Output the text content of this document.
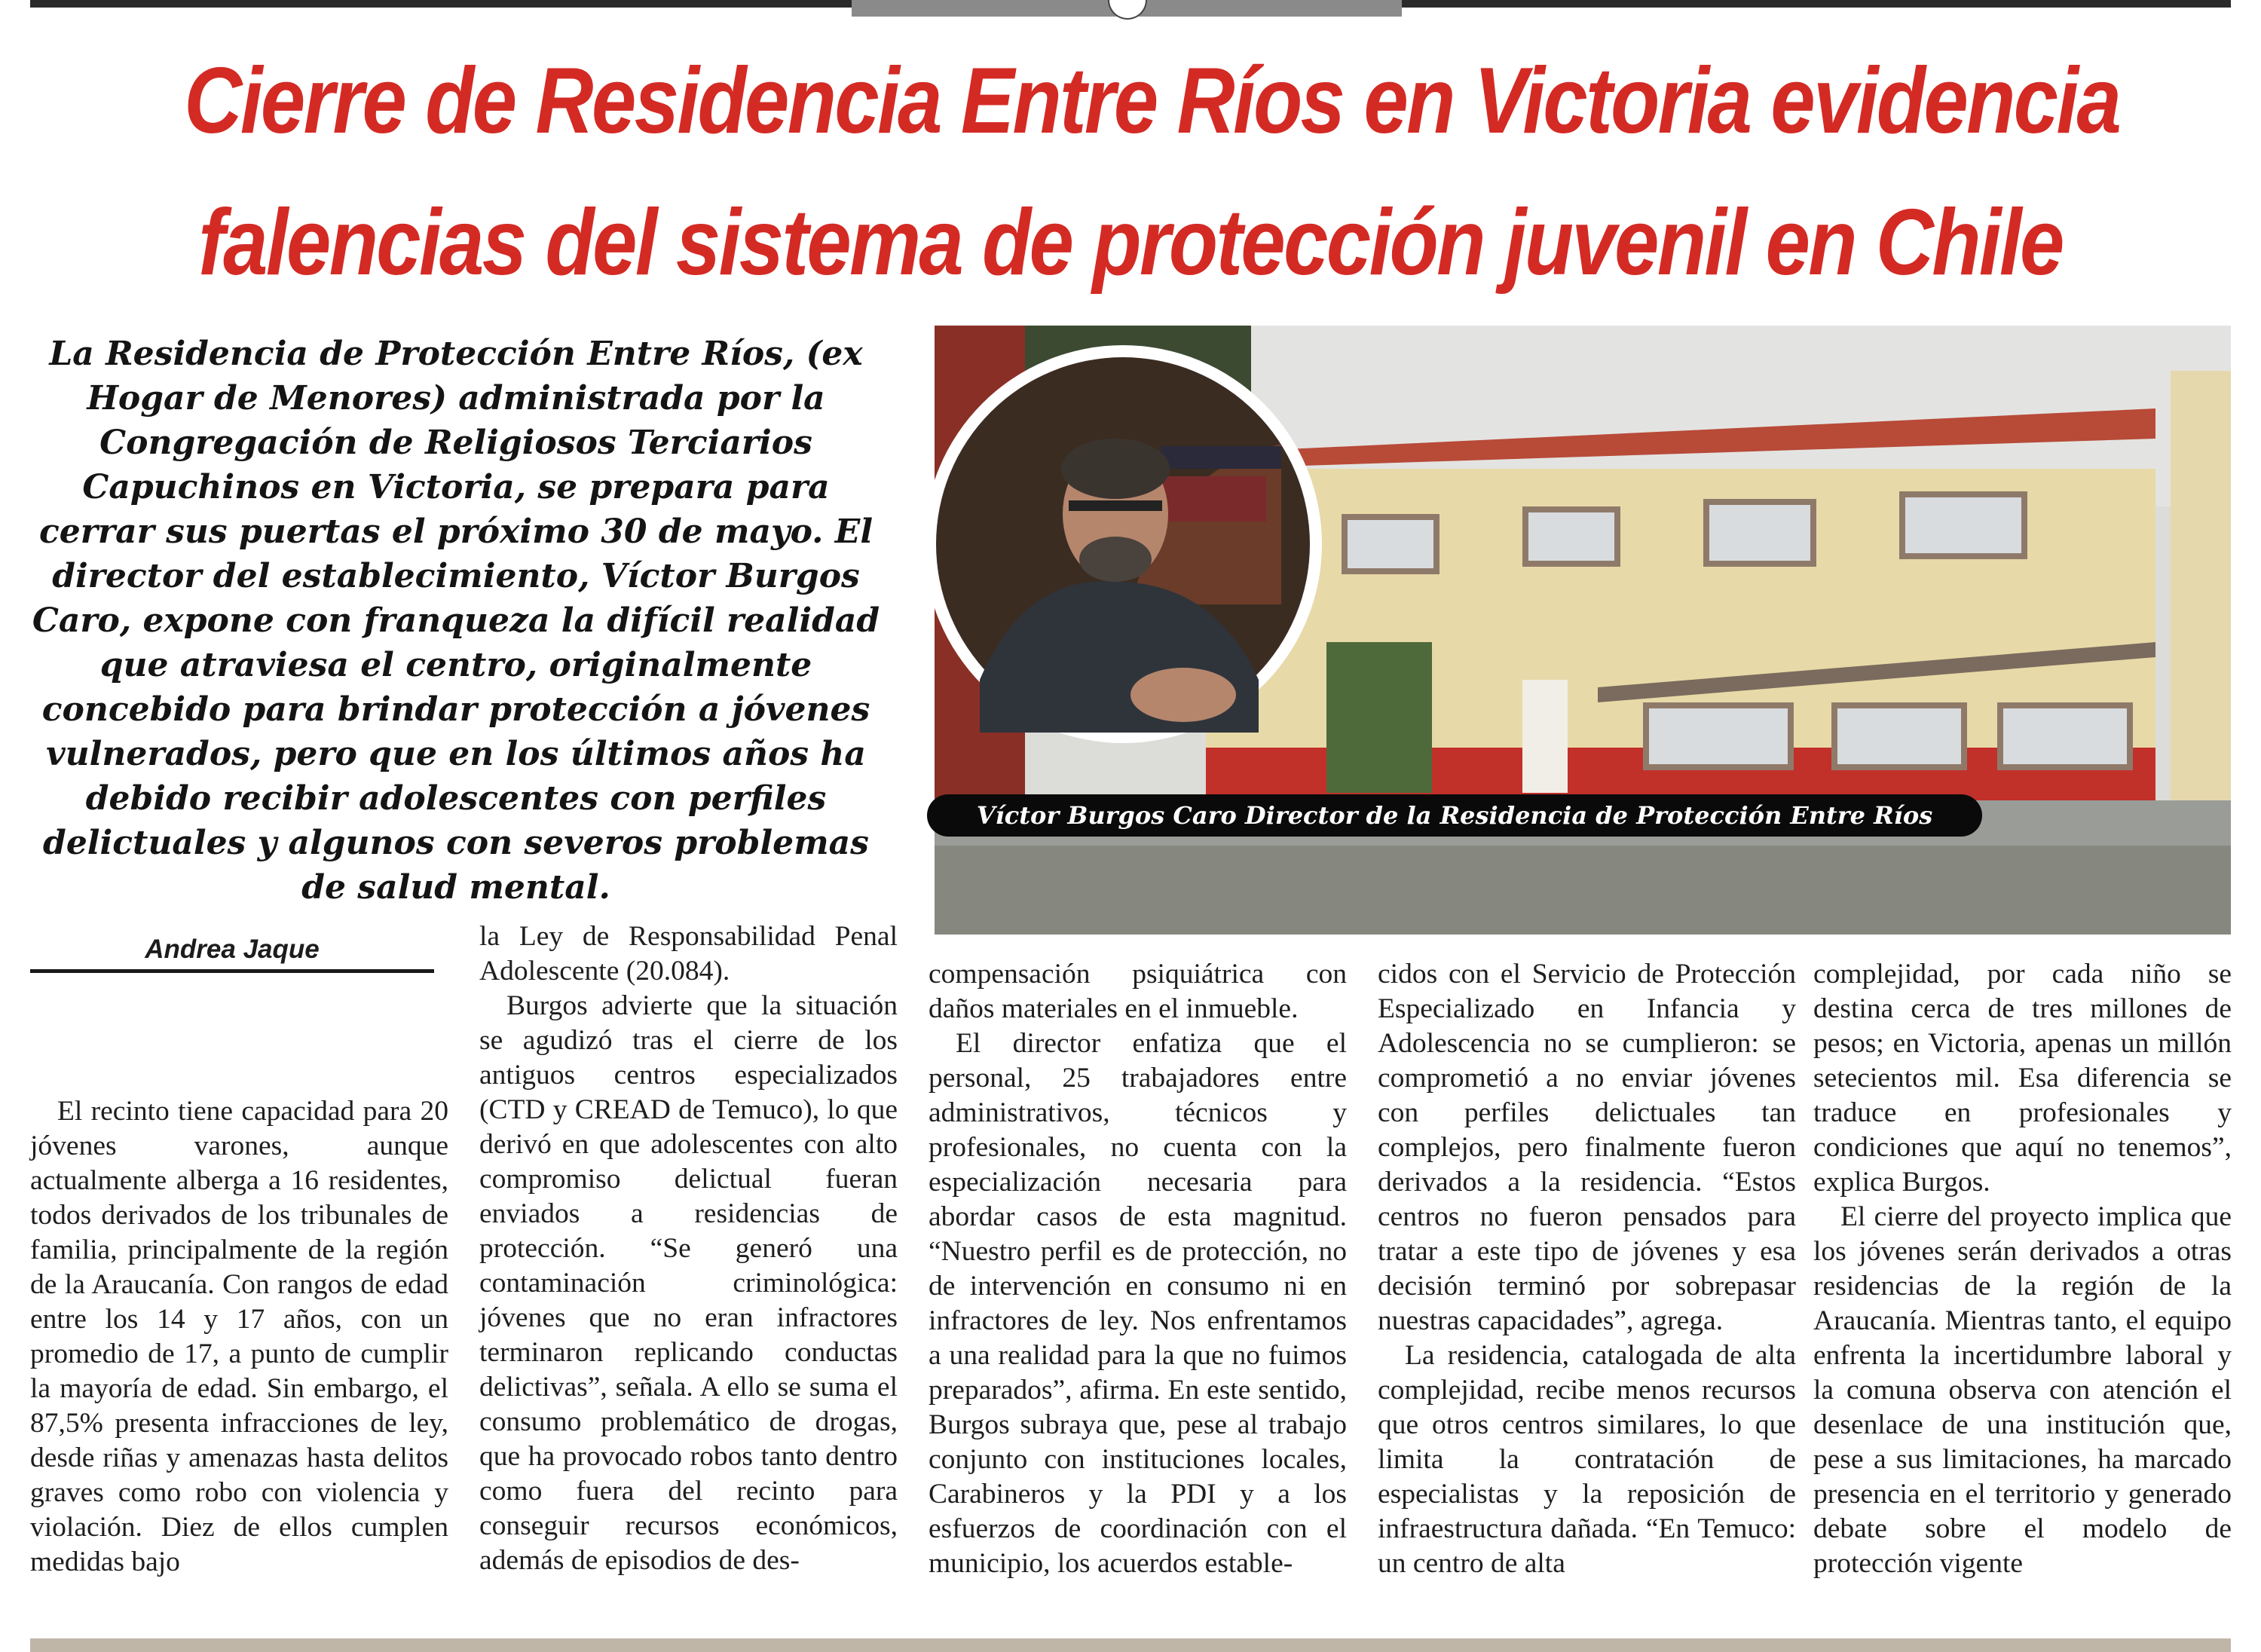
Cierre de Residencia Entre Ríos en Victoria evidencia
falencias del sistema de protección juvenil en Chile

La Residencia de Protección Entre Ríos, (ex Hogar de Menores) administrada por la Congregación de Religiosos Terciarios Capuchinos en Victoria, se prepara para cerrar sus puertas el próximo 30 de mayo. El director del establecimiento, Víctor Burgos Caro, expone con franqueza la difícil realidad que atraviesa el centro, originalmente concebido para brindar protección a jóvenes vulnerados, pero que en los últimos años ha debido recibir adolescentes con perfiles delictuales y algunos con severos problemas de salud mental.

Víctor Burgos Caro Director de la Residencia de Protección Entre Ríos
Andrea Jaque

El recinto tiene capacidad para 20 jóvenes varones, aunque actualmente alberga a 16 residentes, todos derivados de los tribunales de familia, principalmente de la región de la Araucanía. Con rangos de edad entre los 14 y 17 años, con un promedio de 17, a punto de cumplir la mayoría de edad. Sin embargo, el 87,5% presenta infracciones de ley, desde riñas y amenazas hasta delitos graves como robo con violencia y violación. Diez de ellos cumplen medidas bajo

la Ley de Responsabilidad Penal Adolescente (20.084).

Burgos advierte que la situación se agudizó tras el cierre de los antiguos centros especializados (CTD y CREAD de Temuco), lo que derivó en que adolescentes con alto compromiso delictual fueran enviados a residencias de protección. “Se generó una contaminación criminológica: jóvenes que no eran infractores terminaron replicando conductas delictivas”, señala. A ello se suma el consumo problemático de drogas, que ha provocado robos tanto dentro como fuera del recinto para conseguir recursos económicos, además de episodios de des-

compensación psiquiátrica con daños materiales en el inmueble.

El director enfatiza que el personal, 25 trabajadores entre administrativos, técnicos y profesionales, no cuenta con la especialización necesaria para abordar casos de esta magnitud. “Nuestro perfil es de protección, no de intervención en consumo ni en infractores de ley. Nos enfrentamos a una realidad para la que no fuimos preparados”, afirma. En este sentido, Burgos subraya que, pese al trabajo conjunto con instituciones locales, Carabineros y la PDI y a los esfuerzos de coordinación con el municipio, los acuerdos estable-

cidos con el Servicio de Protección Especializado en Infancia y Adolescencia no se cumplieron: se comprometió a no enviar jóvenes con perfiles delictuales tan complejos, pero finalmente fueron derivados a la residencia. “Estos centros no fueron pensados para tratar a este tipo de jóvenes y esa decisión terminó por sobrepasar nuestras capacidades”, agrega.

La residencia, catalogada de alta complejidad, recibe menos recursos que otros centros similares, lo que limita la contratación de especialistas y la reposición de infraestructura dañada. “En Temuco: un centro de alta

complejidad, por cada niño se destina cerca de tres millones de pesos; en Victoria, apenas un millón setecientos mil. Esa diferencia se traduce en profesionales y condiciones que aquí no tenemos”, explica Burgos.

El cierre del proyecto implica que los jóvenes serán derivados a otras residencias de la región de la Araucanía. Mientras tanto, el equipo enfrenta la incertidumbre laboral y la comuna observa con atención el desenlace de una institución que, pese a sus limitaciones, ha marcado presencia en el territorio y generado debate sobre el modelo de protección vigente
